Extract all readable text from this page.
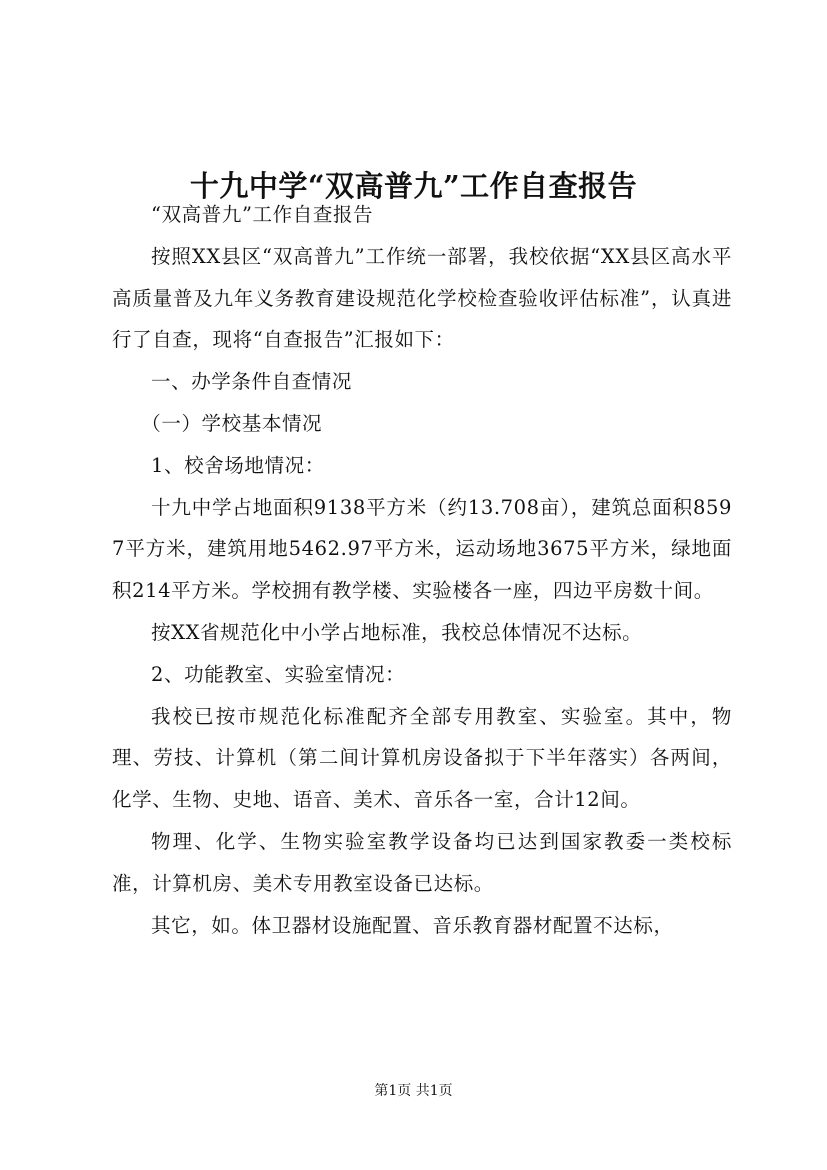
十九中学“双高普九”工作自查报告

“双高普九”工作自查报告

按照XX县区“双高普九”工作统一部署，我校依据“XX县区高水平高质量普及九年义务教育建设规范化学校检查验收评估标准”，认真进行了自查，现将“自查报告”汇报如下：

一、办学条件自查情况

（一）学校基本情况

1、校舍场地情况：

十九中学占地面积9138平方米（约13.708亩），建筑总面积8597平方米，建筑用地5462.97平方米，运动场地3675平方米，绿地面积214平方米。学校拥有教学楼、实验楼各一座，四边平房数十间。

按XX省规范化中小学占地标准，我校总体情况不达标。

2、功能教室、实验室情况：

我校已按市规范化标准配齐全部专用教室、实验室。其中，物理、劳技、计算机（第二间计算机房设备拟于下半年落实）各两间，化学、生物、史地、语音、美术、音乐各一室，合计12间。

物理、化学、生物实验室教学设备均已达到国家教委一类校标准，计算机房、美术专用教室设备已达标。

其它，如。体卫器材设施配置、音乐教育器材配置不达标，

第1页 共1页
